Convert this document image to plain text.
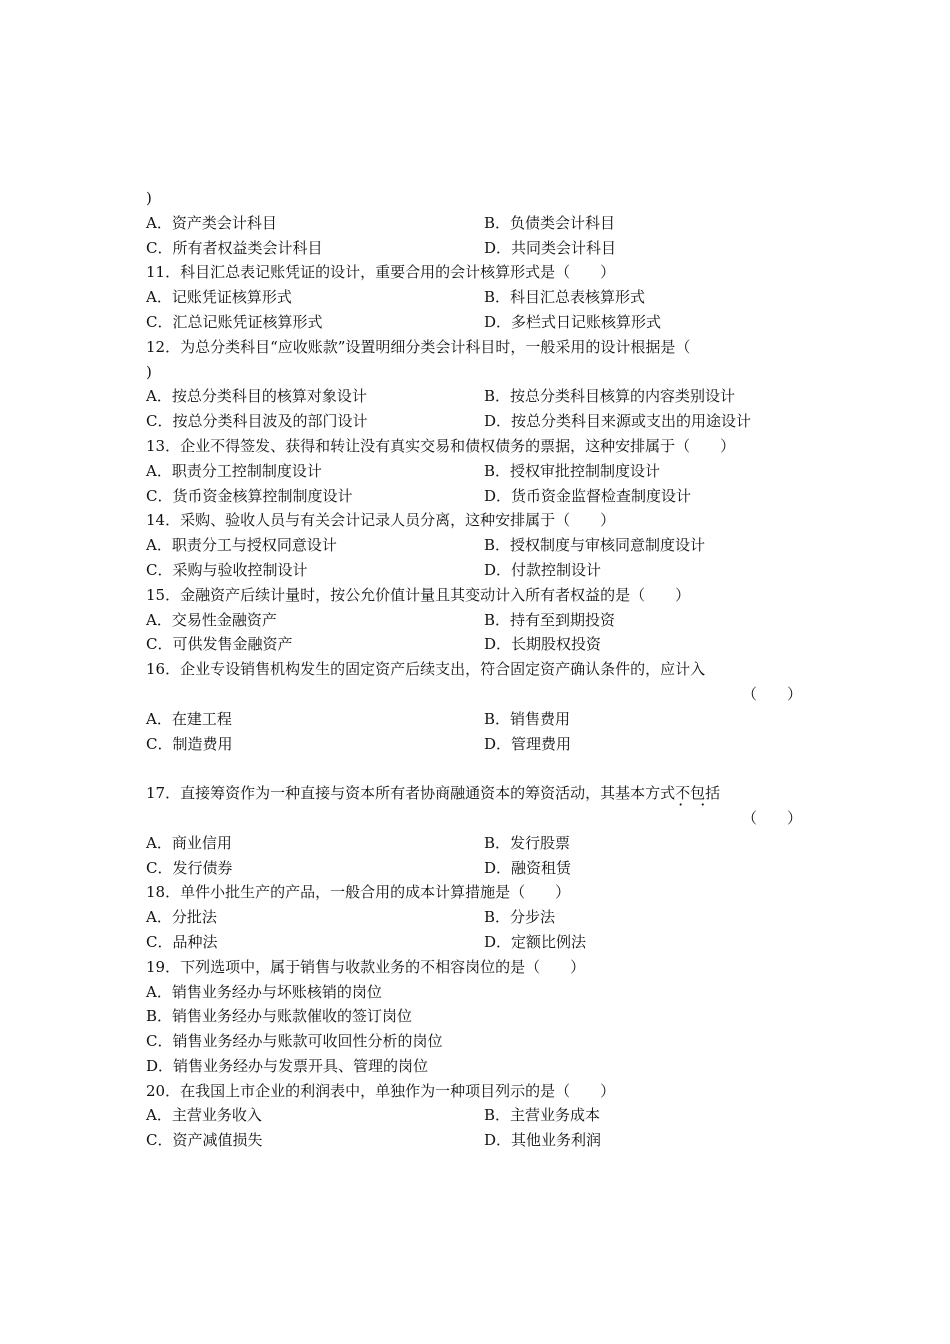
)
A．资产类会计科目	B．负债类会计科目
C．所有者权益类会计科目	D．共同类会计科目
11．科目汇总表记账凭证的设计，重要合用的会计核算形式是（　　）
A．记账凭证核算形式	B．科目汇总表核算形式
C．汇总记账凭证核算形式	D．多栏式日记账核算形式
12．为总分类科目“应收账款”设置明细分类会计科目时，一般采用的设计根据是（
)
A．按总分类科目的核算对象设计	B．按总分类科目核算的内容类别设计
C．按总分类科目波及的部门设计	D．按总分类科目来源或支出的用途设计
13．企业不得签发、获得和转让没有真实交易和债权债务的票据，这种安排属于（　　）
A．职责分工控制制度设计	B．授权审批控制制度设计
C．货币资金核算控制制度设计	D．货币资金监督检查制度设计
14．采购、验收人员与有关会计记录人员分离，这种安排属于（　　）
A．职责分工与授权同意设计	B．授权制度与审核同意制度设计
C．采购与验收控制设计	D．付款控制设计
15．金融资产后续计量时，按公允价值计量且其变动计入所有者权益的是（　　）
A．交易性金融资产	B．持有至到期投资
C．可供发售金融资产	D．长期股权投资
16．企业专设销售机构发生的固定资产后续支出，符合固定资产确认条件的，应计入
（　　）
A．在建工程	B．销售费用
C．制造费用	D．管理费用
17．直接筹资作为一种直接与资本所有者协商融通资本的筹资活动，其基本方式不包括 · ·
（　　）
A．商业信用	B．发行股票
C．发行债券	D．融资租赁
18．单件小批生产的产品，一般合用的成本计算措施是（　　）
A．分批法	B．分步法
C．品种法	D．定额比例法
19．下列选项中，属于销售与收款业务的不相容岗位的是（　　）
A．销售业务经办与坏账核销的岗位
B．销售业务经办与账款催收的签订岗位
C．销售业务经办与账款可收回性分析的岗位
D．销售业务经办与发票开具、管理的岗位
20．在我国上市企业的利润表中，单独作为一种项目列示的是（　　）
A．主营业务收入	B．主营业务成本
C．资产减值损失	D．其他业务利润
